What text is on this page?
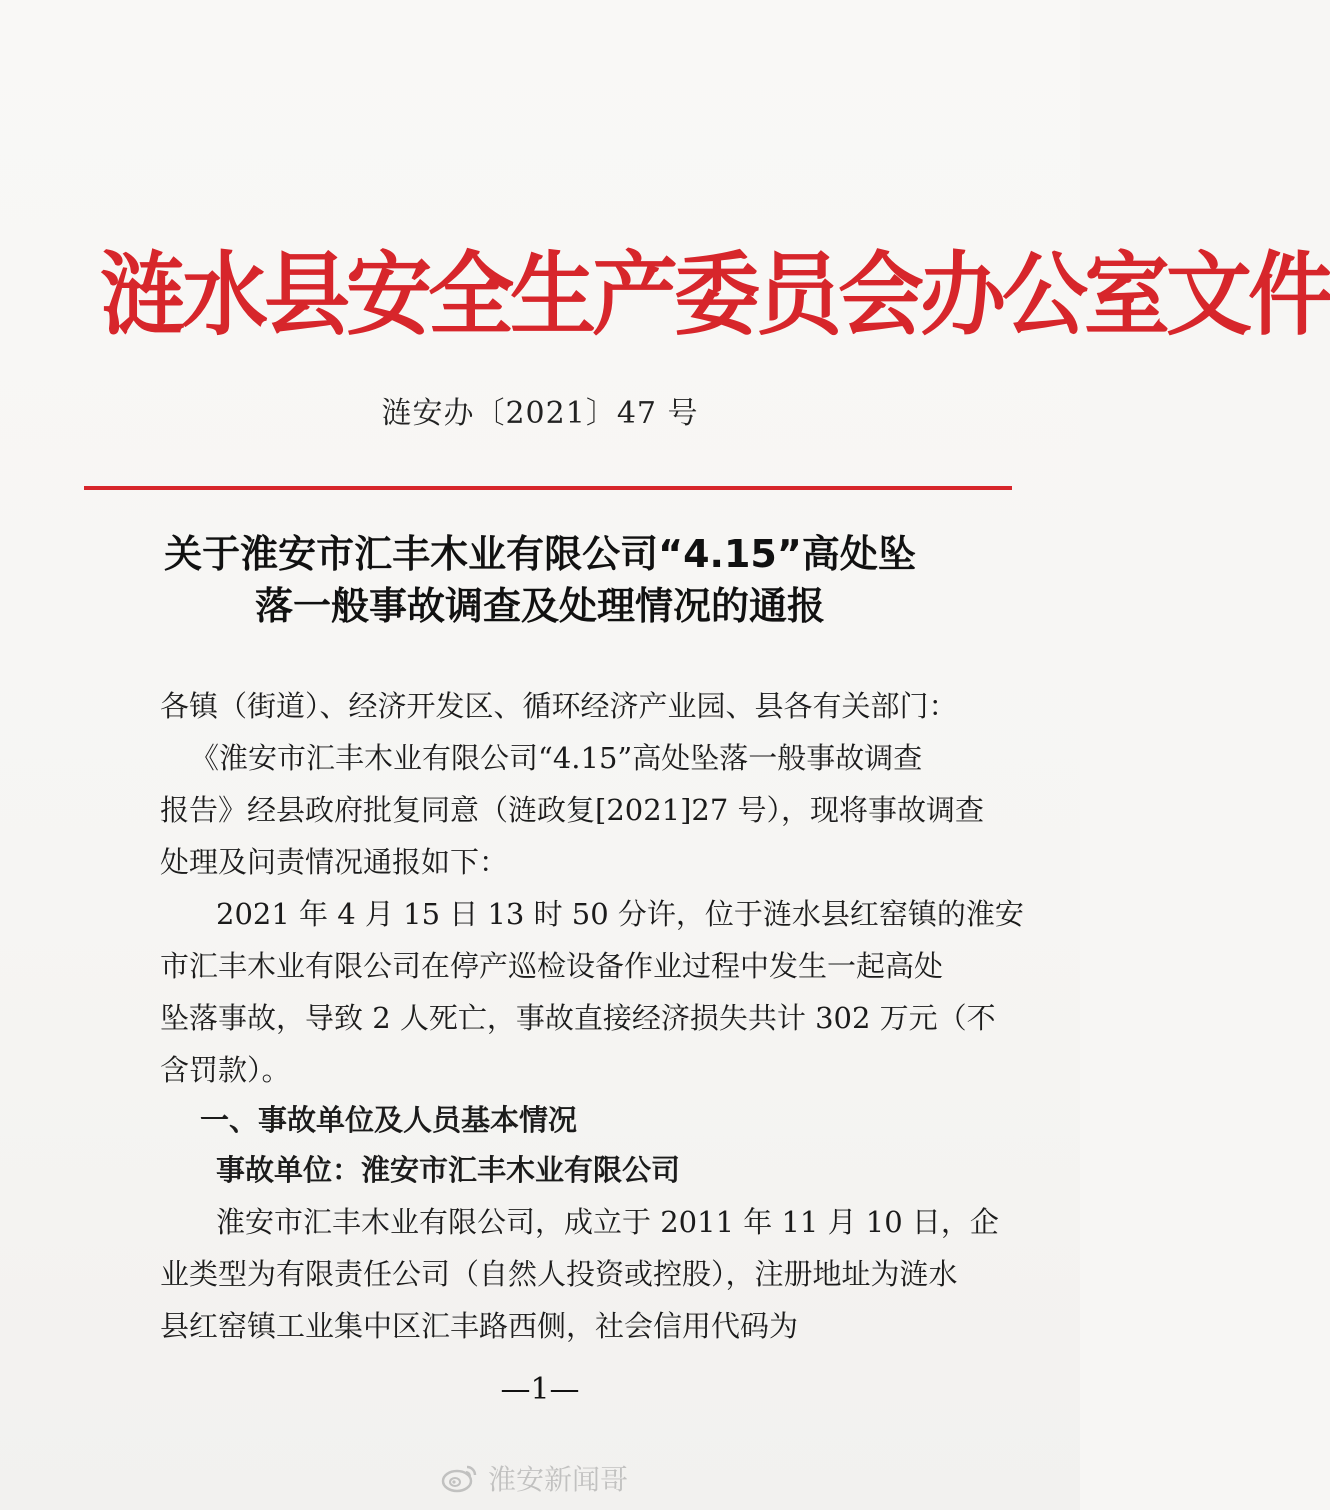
涟水县安全生产委员会办公室文件
涟安办〔2021〕47 号
关于淮安市汇丰木业有限公司“4.15”高处坠
落一般事故调查及处理情况的通报
各镇（街道）、经济开发区、循环经济产业园、县各有关部门：
《淮安市汇丰木业有限公司“4.15”高处坠落一般事故调查
报告》经县政府批复同意（涟政复[2021]27 号），现将事故调查
处理及问责情况通报如下：
2021 年 4 月 15 日 13 时 50 分许，位于涟水县红窑镇的淮安
市汇丰木业有限公司在停产巡检设备作业过程中发生一起高处
坠落事故，导致 2 人死亡，事故直接经济损失共计 302 万元（不
含罚款）。
一、事故单位及人员基本情况
事故单位：淮安市汇丰木业有限公司
淮安市汇丰木业有限公司，成立于 2011 年 11 月 10 日，企
业类型为有限责任公司（自然人投资或控股），注册地址为涟水
县红窑镇工业集中区汇丰路西侧，社会信用代码为
—1—
淮安新闻哥
